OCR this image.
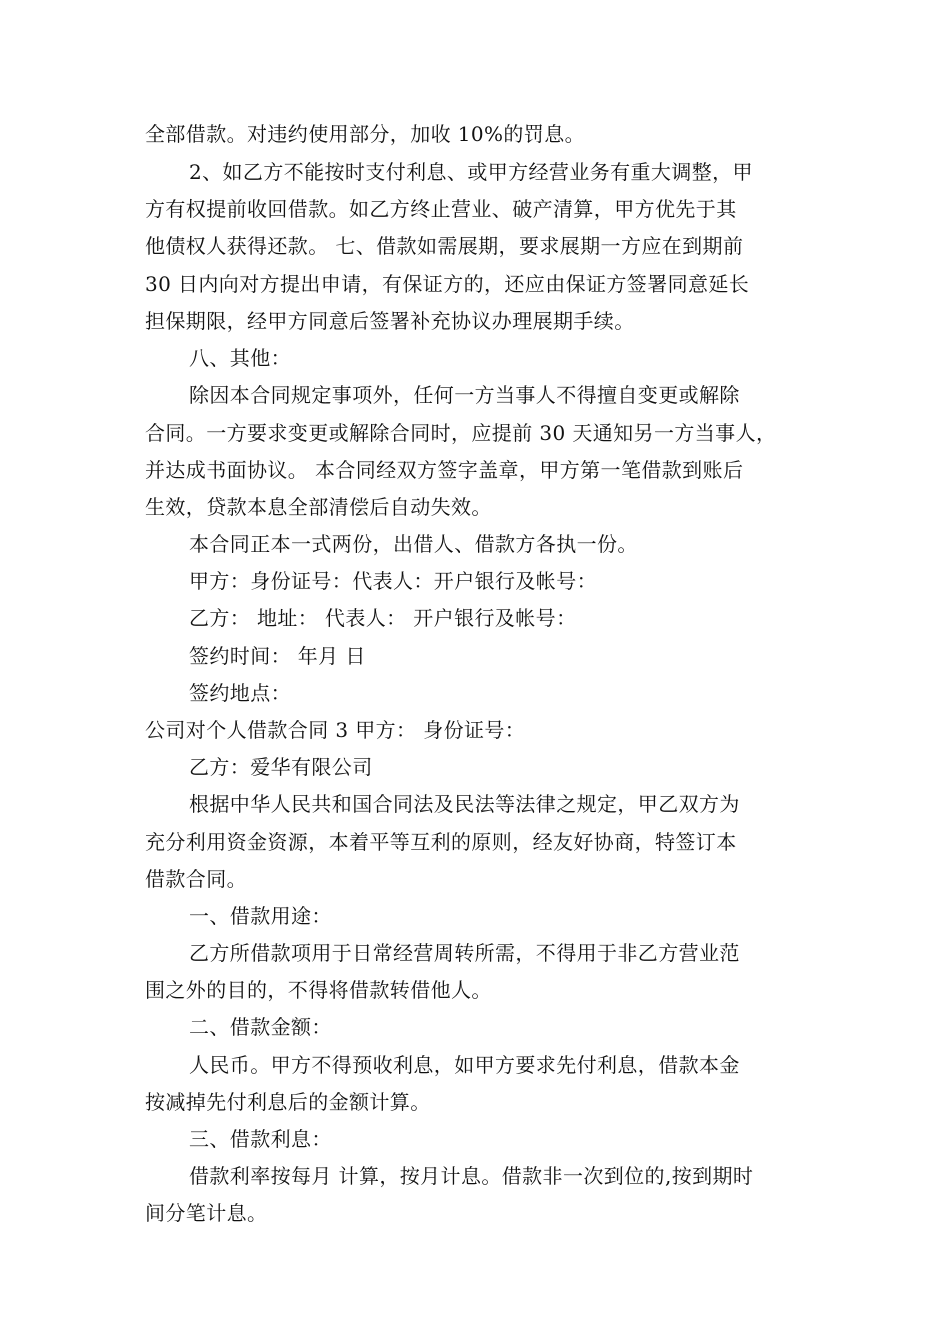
全部借款。对违约使用部分，加收 10%的罚息。
2、如乙方不能按时支付利息、或甲方经营业务有重大调整，甲
方有权提前收回借款。如乙方终止营业、破产清算，甲方优先于其
他债权人获得还款。 七、借款如需展期，要求展期一方应在到期前
30 日内向对方提出申请，有保证方的，还应由保证方签署同意延长
担保期限，经甲方同意后签署补充协议办理展期手续。
八、其他：
除因本合同规定事项外，任何一方当事人不得擅自变更或解除
合同。一方要求变更或解除合同时，应提前 30 天通知另一方当事人，
并达成书面协议。 本合同经双方签字盖章，甲方第一笔借款到账后
生效，贷款本息全部清偿后自动失效。
本合同正本一式两份，出借人、借款方各执一份。
甲方：身份证号：代表人：开户银行及帐号：
乙方： 地址： 代表人： 开户银行及帐号：
签约时间： 年月 日
签约地点：
公司对个人借款合同 3 甲方： 身份证号：
乙方：爱华有限公司
根据中华人民共和国合同法及民法等法律之规定，甲乙双方为
充分利用资金资源，本着平等互利的原则，经友好协商，特签订本
借款合同。
一、借款用途：
乙方所借款项用于日常经营周转所需，不得用于非乙方营业范
围之外的目的，不得将借款转借他人。
二、借款金额：
人民币。甲方不得预收利息，如甲方要求先付利息，借款本金
按减掉先付利息后的金额计算。
三、借款利息：
借款利率按每月 计算，按月计息。借款非一次到位的,按到期时
间分笔计息。
